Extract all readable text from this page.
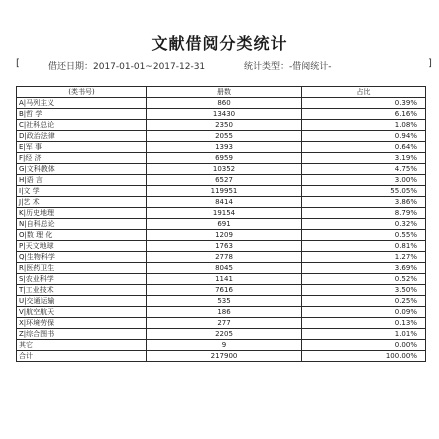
文献借阅分类统计
[	借还日期：2017-01-01~2017-12-31	统计类型：-借阅统计-	]
(类书号)	册数	占比
A|马列主义	860	0.39%
B|哲 学	13430	6.16%
C|社科总论	2350	1.08%
D|政治法律	2055	0.94%
E|军 事	1393	0.64%
F|经 济	6959	3.19%
G|文科教体	10352	4.75%
H|语 言	6527	3.00%
I|文 学	119951	55.05%
J|艺 术	8414	3.86%
K|历史地理	19154	8.79%
N|自科总论	691	0.32%
O|数 理 化	1209	0.55%
P|天文地球	1763	0.81%
Q|生物科学	2778	1.27%
R|医药卫生	8045	3.69%
S|农业科学	1141	0.52%
T|工业技术	7616	3.50%
U|交通运输	535	0.25%
V|航空航天	186	0.09%
X|环境劳保	277	0.13%
Z|综合图书	2205	1.01%
其它	9	0.00%
合计	217900	100.00%
